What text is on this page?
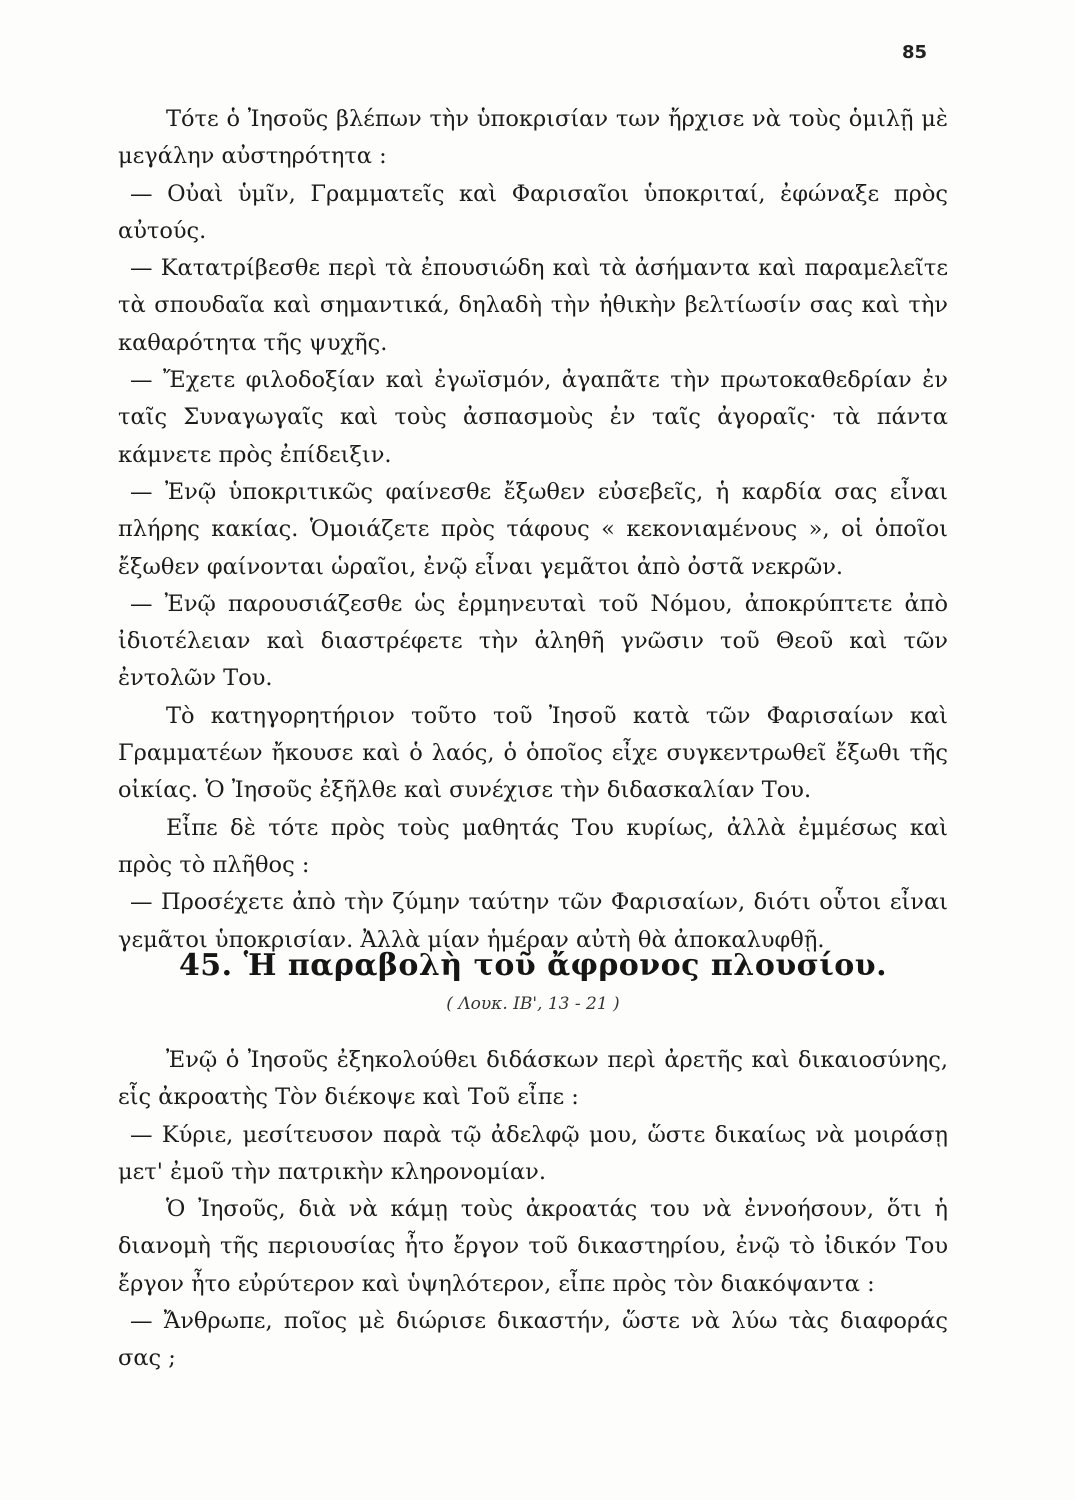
85

Τότε ὁ Ἰησοῦς βλέπων τὴν ὑποκρισίαν των ἤρχισε νὰ τοὺς ὁμιλῇ μὲ μεγάλην αὐστηρότητα :

— Οὐαὶ ὑμῖν, Γραμματεῖς καὶ Φαρισαῖοι ὑποκριταί, ἐφώναξε πρὸς αὐτούς.

— Κατατρίβεσθε περὶ τὰ ἐπουσιώδη καὶ τὰ ἀσήμαντα καὶ παραμελεῖτε τὰ σπουδαῖα καὶ σημαντικά, δηλαδὴ τὴν ἠθικὴν βελτίωσίν σας καὶ τὴν καθαρότητα τῆς ψυχῆς.

— Ἔχετε φιλοδοξίαν καὶ ἐγωϊσμόν, ἀγαπᾶτε τὴν πρωτοκαθεδρίαν ἐν ταῖς Συναγωγαῖς καὶ τοὺς ἀσπασμοὺς ἐν ταῖς ἀγοραῖς· τὰ πάντα κάμνετε πρὸς ἐπίδειξιν.

— Ἐνῷ ὑποκριτικῶς φαίνεσθε ἔξωθεν εὐσεβεῖς, ἡ καρδία σας εἶναι πλήρης κακίας. Ὁμοιάζετε πρὸς τάφους « κεκονιαμένους », οἱ ὁποῖοι ἔξωθεν φαίνονται ὡραῖοι, ἐνῷ εἶναι γεμᾶτοι ἀπὸ ὀστᾶ νεκρῶν.

— Ἐνῷ παρουσιάζεσθε ὡς ἑρμηνευταὶ τοῦ Νόμου, ἀποκρύπτετε ἀπὸ ἰδιοτέλειαν καὶ διαστρέφετε τὴν ἀληθῆ γνῶσιν τοῦ Θεοῦ καὶ τῶν ἐντολῶν Του.

Τὸ κατηγορητήριον τοῦτο τοῦ Ἰησοῦ κατὰ τῶν Φαρισαίων καὶ Γραμματέων ἤκουσε καὶ ὁ λαός, ὁ ὁποῖος εἶχε συγκεντρωθεῖ ἔξωθι τῆς οἰκίας. Ὁ Ἰησοῦς ἐξῆλθε καὶ συνέχισε τὴν διδασκαλίαν Του.

Εἶπε δὲ τότε πρὸς τοὺς μαθητάς Του κυρίως, ἀλλὰ ἐμμέσως καὶ πρὸς τὸ πλῆθος :

— Προσέχετε ἀπὸ τὴν ζύμην ταύτην τῶν Φαρισαίων, διότι οὗτοι εἶναι γεμᾶτοι ὑποκρισίαν. Ἀλλὰ μίαν ἡμέραν αὐτὴ θὰ ἀποκαλυφθῇ.

45. Ἡ παραβολὴ τοῦ ἄφρονος πλουσίου.
( Λουκ. ΙΒ', 13 - 21 )

Ἐνῷ ὁ Ἰησοῦς ἐξηκολούθει διδάσκων περὶ ἀρετῆς καὶ δικαιοσύνης, εἷς ἀκροατὴς Τὸν διέκοψε καὶ Τοῦ εἶπε :

— Κύριε, μεσίτευσον παρὰ τῷ ἀδελφῷ μου, ὥστε δικαίως νὰ μοιράσῃ μετ' ἐμοῦ τὴν πατρικὴν κληρονομίαν.

Ὁ Ἰησοῦς, διὰ νὰ κάμῃ τοὺς ἀκροατάς του νὰ ἐννοήσουν, ὅτι ἡ διανομὴ τῆς περιουσίας ἦτο ἔργον τοῦ δικαστηρίου, ἐνῷ τὸ ἰδικόν Του ἔργον ἦτο εὐρύτερον καὶ ὑψηλότερον, εἶπε πρὸς τὸν διακόψαντα :

— Ἄνθρωπε, ποῖος μὲ διώρισε δικαστήν, ὥστε νὰ λύω τὰς διαφοράς σας ;
